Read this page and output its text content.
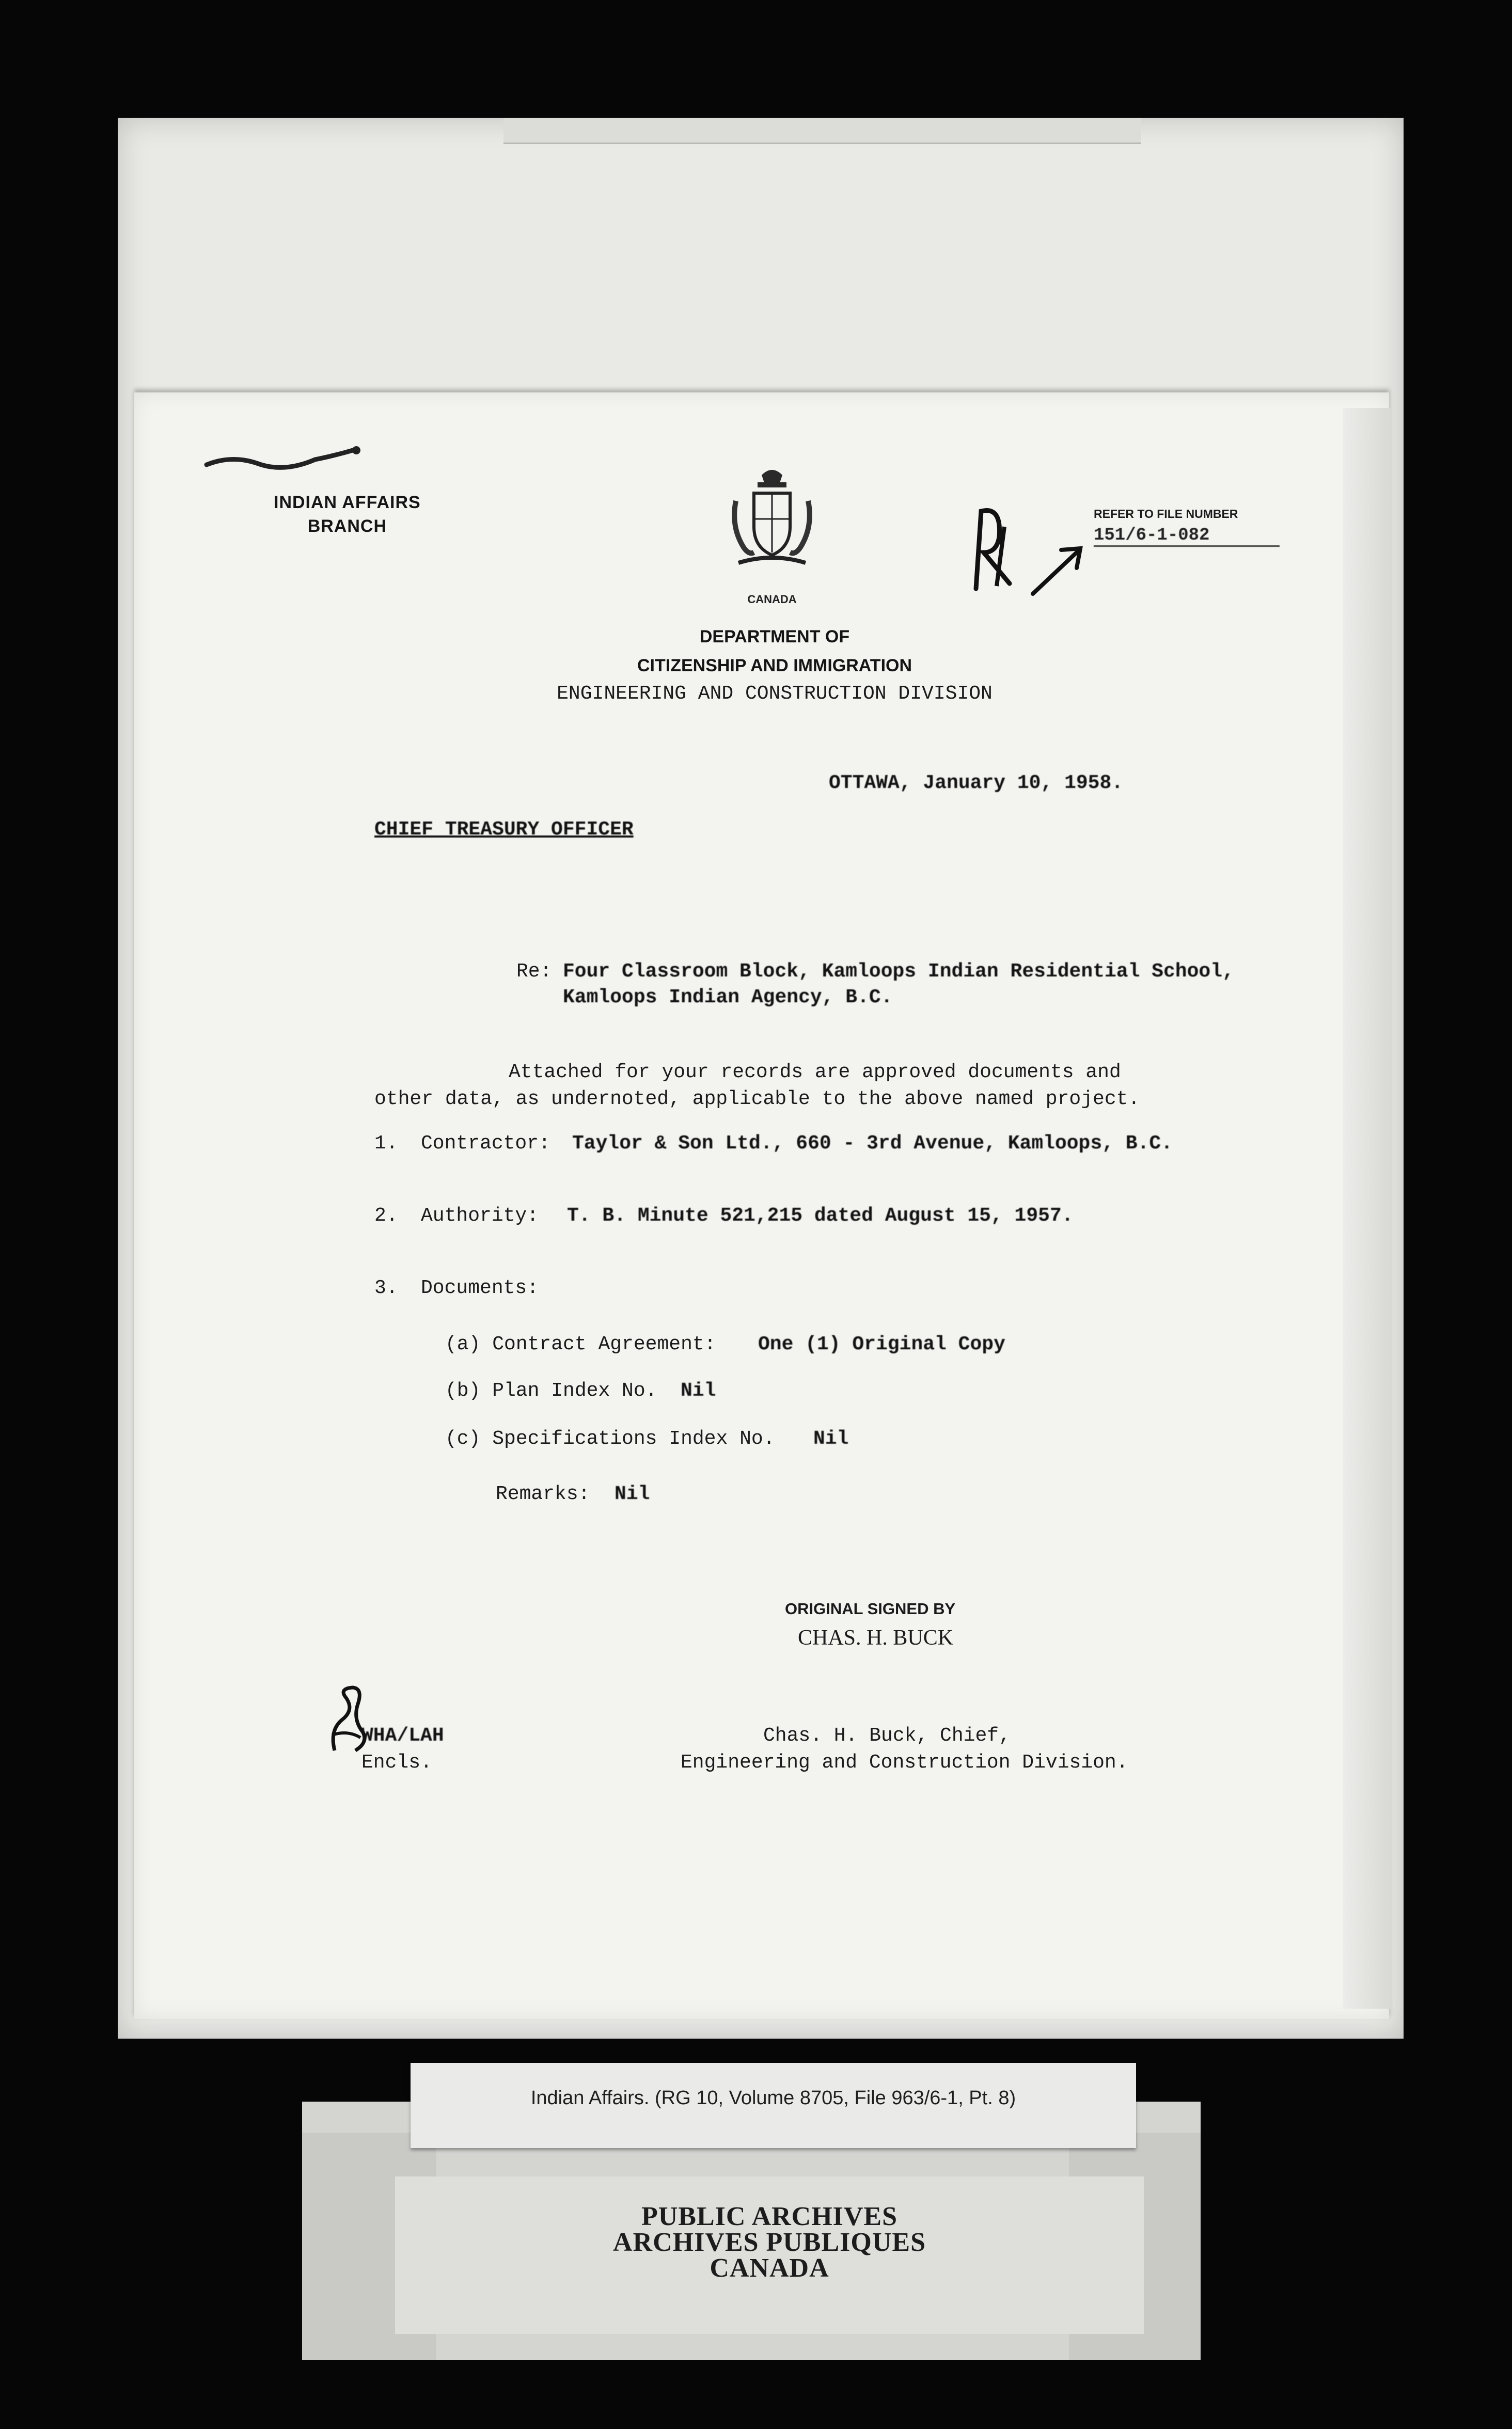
INDIAN AFFAIRS
BRANCH
CANADA
DEPARTMENT OF
CITIZENSHIP AND IMMIGRATION
ENGINEERING AND CONSTRUCTION DIVISION
REFER TO FILE NUMBER
151/6-1-082
OTTAWA, January 10, 1958.
CHIEF TREASURY OFFICER
Re: Four Classroom Block, Kamloops Indian Residential School,
Kamloops Indian Agency, B.C.
Attached for your records are approved documents and
other data, as undernoted, applicable to the above named project.
1. Contractor: Taylor & Son Ltd., 660 - 3rd Avenue, Kamloops, B.C.
2. Authority: T. B. Minute 521,215 dated August 15, 1957.
3. Documents:
(a) Contract Agreement: One (1) Original Copy
(b) Plan Index No. Nil
(c) Specifications Index No. Nil
Remarks: Nil
ORIGINAL SIGNED BY
CHAS. H. BUCK
WHA/LAH
Encls.
Chas. H. Buck, Chief,
Engineering and Construction Division.
Indian Affairs. (RG 10, Volume 8705, File 963/6-1, Pt. 8)
PUBLIC ARCHIVES
ARCHIVES PUBLIQUES
CANADA
